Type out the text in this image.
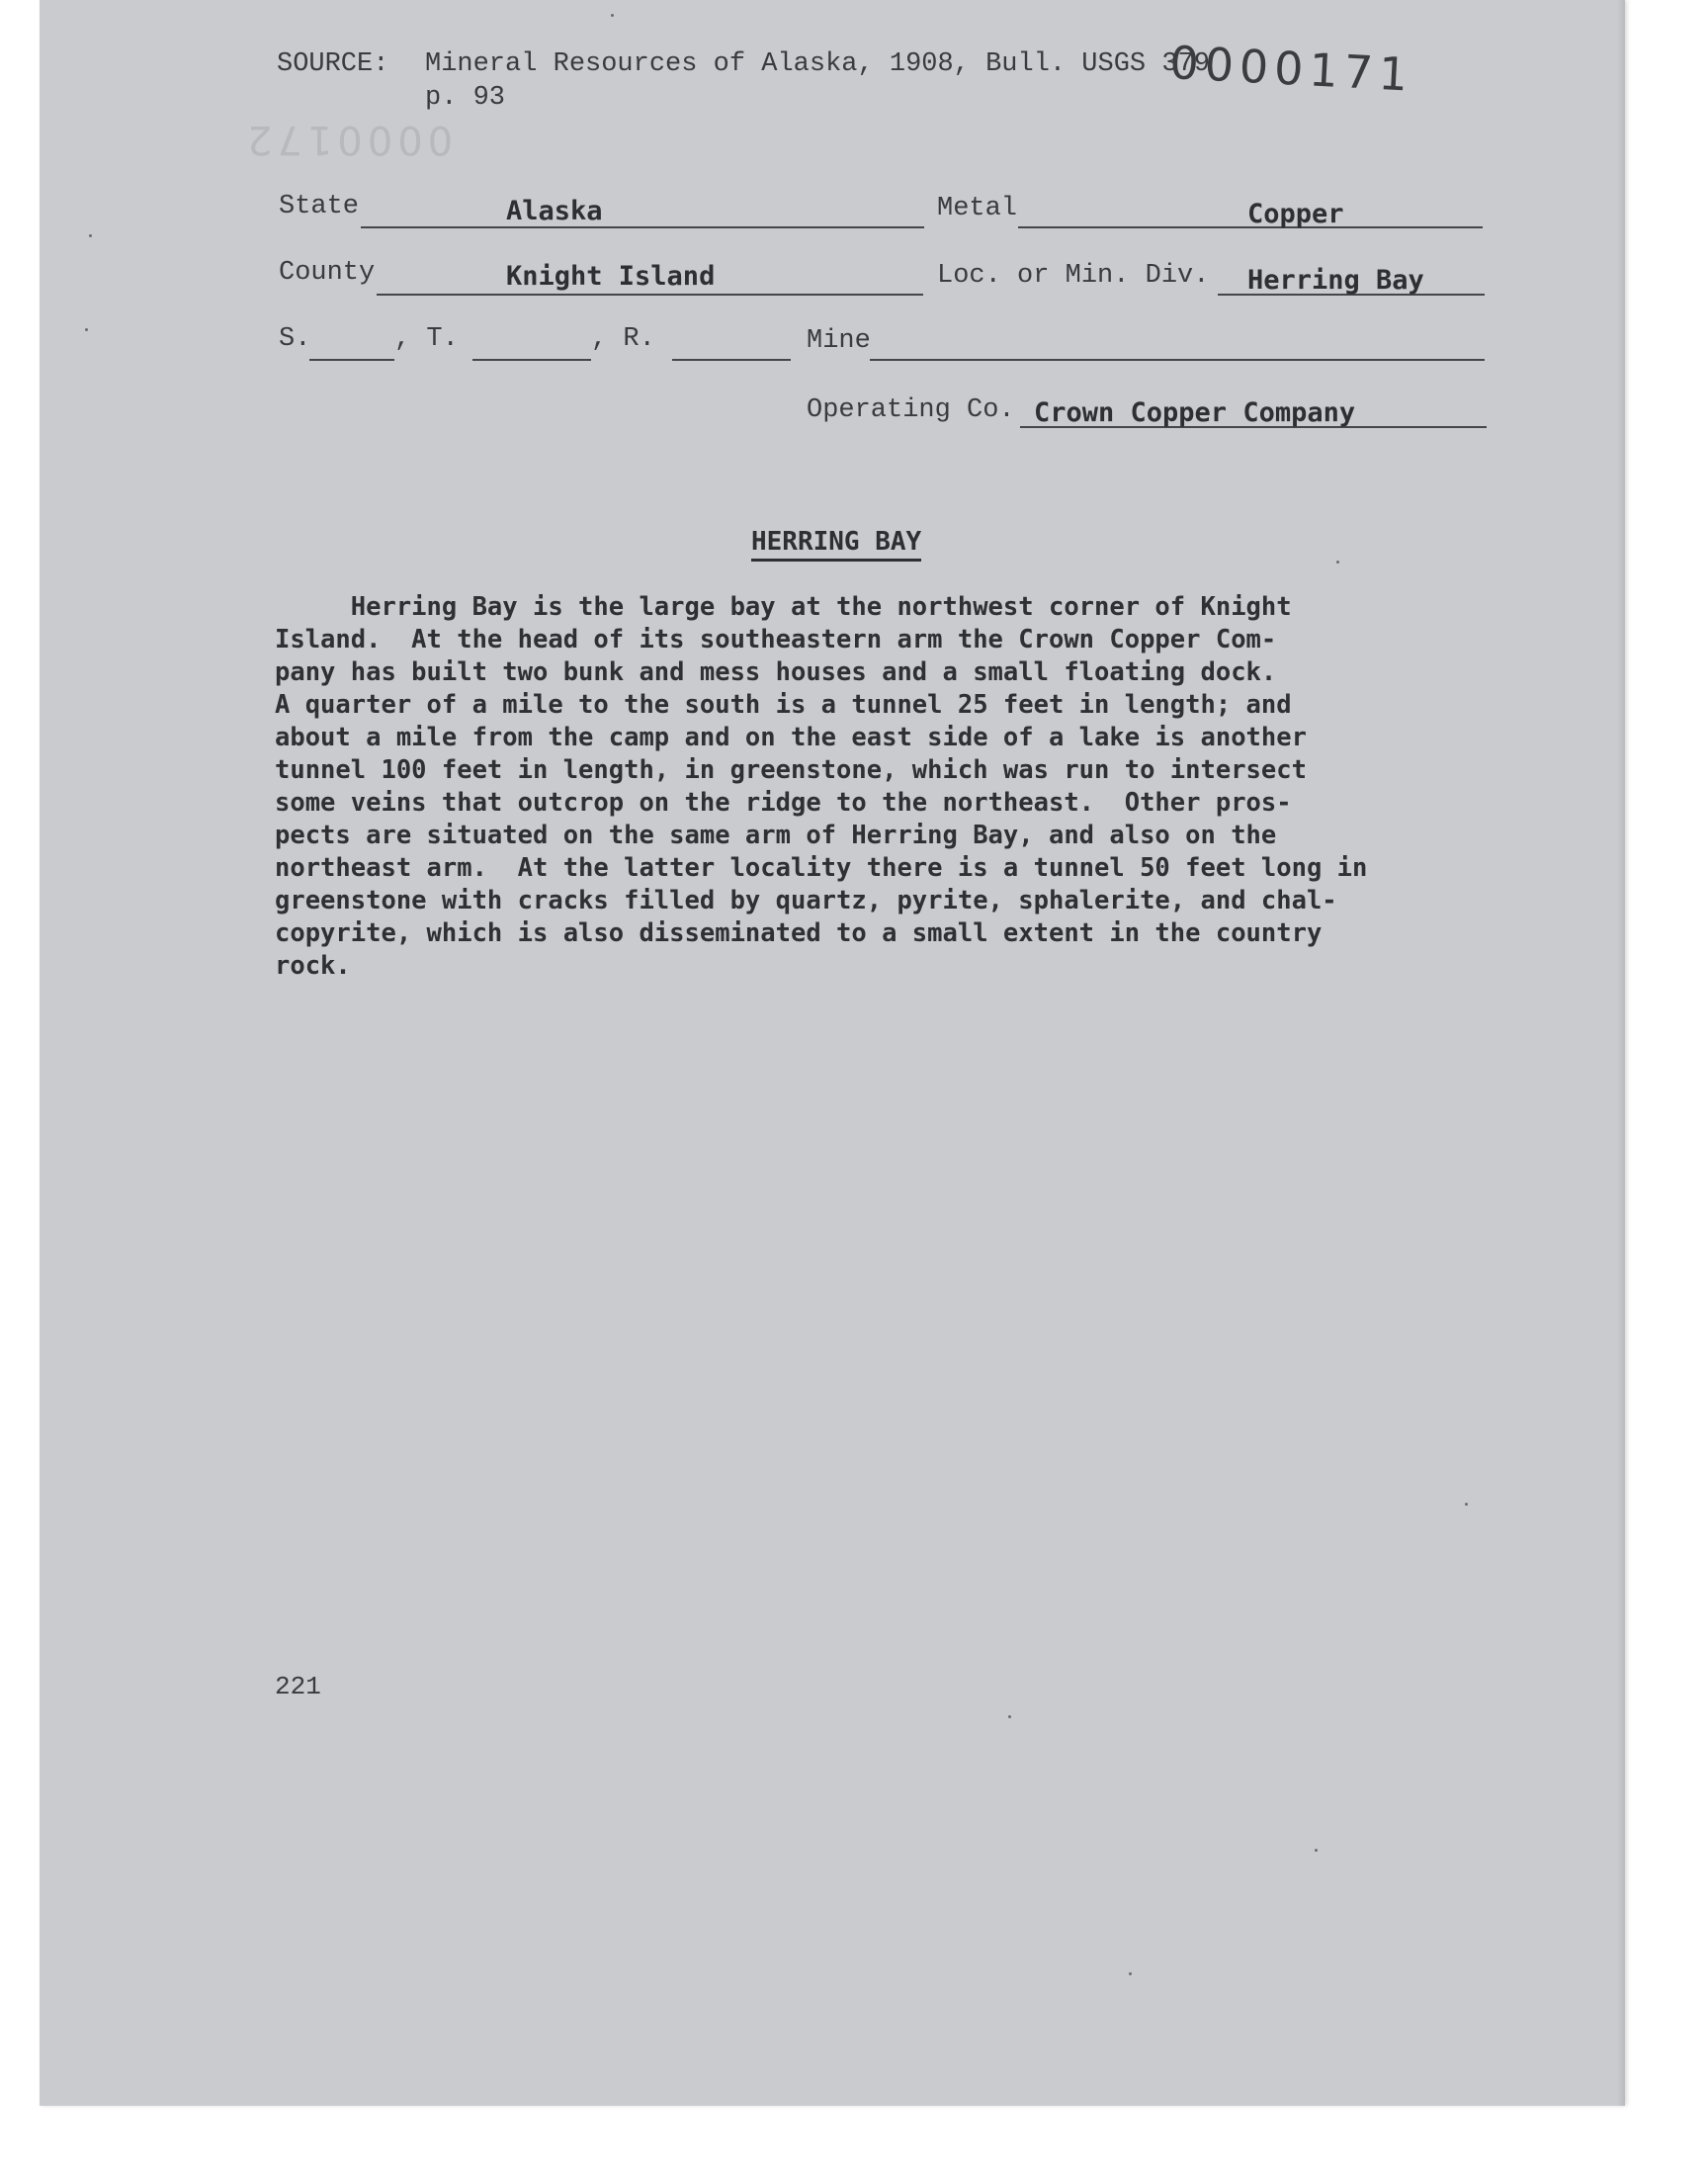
SOURCE: Mineral Resources of Alaska, 1908, Bull. USGS 379
p. 93	0000171
0000172
State	Alaska	Metal	Copper
County	Knight Island	Loc. or Min. Div. Herring Bay
S.	, T.	, R.	Mine
Operating Co. Crown Copper Company
HERRING BAY
Herring Bay is the large bay at the northwest corner of Knight
Island.  At the head of its southeastern arm the Crown Copper Com-
pany has built two bunk and mess houses and a small floating dock.
A quarter of a mile to the south is a tunnel 25 feet in length; and
about a mile from the camp and on the east side of a lake is another
tunnel 100 feet in length, in greenstone, which was run to intersect
some veins that outcrop on the ridge to the northeast.  Other pros-
pects are situated on the same arm of Herring Bay, and also on the
northeast arm.  At the latter locality there is a tunnel 50 feet long in
greenstone with cracks filled by quartz, pyrite, sphalerite, and chal-
copyrite, which is also disseminated to a small extent in the country
rock.
221
